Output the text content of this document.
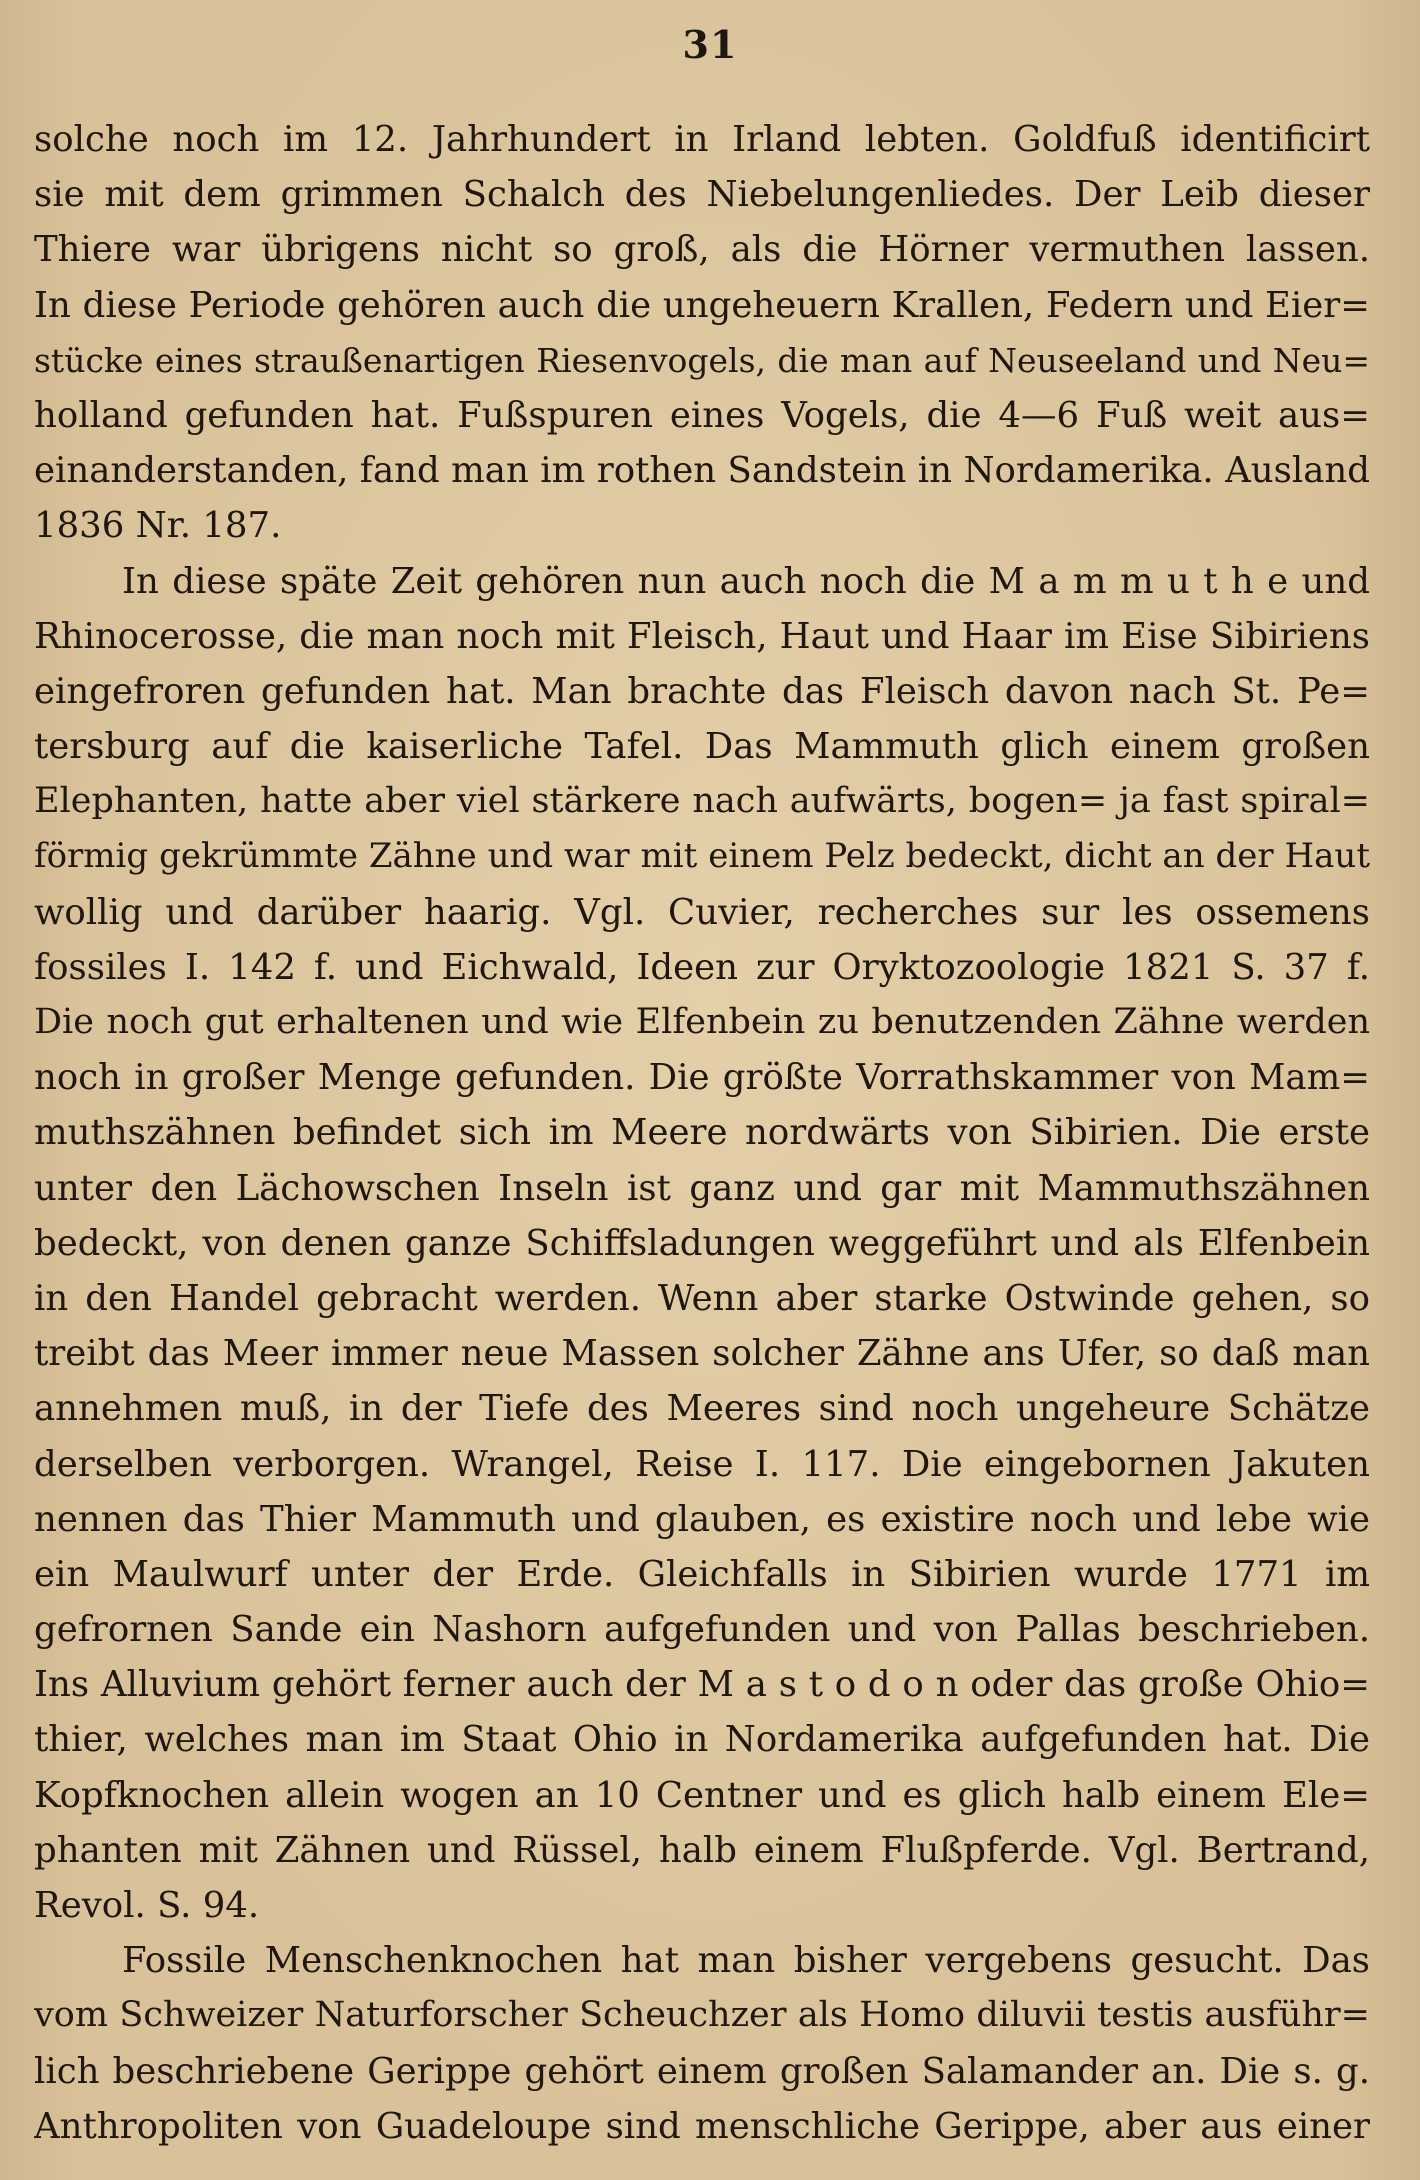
31
solche noch im 12. Jahrhundert in Irland lebten. Goldfuß identificirt
sie mit dem grimmen Schalch des Niebelungenliedes. Der Leib dieser
Thiere war übrigens nicht so groß, als die Hörner vermuthen lassen.
In diese Periode gehören auch die ungeheuern Krallen, Federn und Eier=
stücke eines straußenartigen Riesenvogels, die man auf Neuseeland und Neu=
holland gefunden hat. Fußspuren eines Vogels, die 4—6 Fuß weit aus=
einanderstanden, fand man im rothen Sandstein in Nordamerika. Ausland
1836 Nr. 187.
In diese späte Zeit gehören nun auch noch die M a m m u t h e und
Rhinocerosse, die man noch mit Fleisch, Haut und Haar im Eise Sibiriens
eingefroren gefunden hat. Man brachte das Fleisch davon nach St. Pe=
tersburg auf die kaiserliche Tafel. Das Mammuth glich einem großen
Elephanten, hatte aber viel stärkere nach aufwärts, bogen= ja fast spiral=
förmig gekrümmte Zähne und war mit einem Pelz bedeckt, dicht an der Haut
wollig und darüber haarig. Vgl. Cuvier, recherches sur les ossemens
fossiles I. 142 f. und Eichwald, Ideen zur Oryktozoologie 1821 S. 37 f.
Die noch gut erhaltenen und wie Elfenbein zu benutzenden Zähne werden
noch in großer Menge gefunden. Die größte Vorrathskammer von Mam=
muthszähnen befindet sich im Meere nordwärts von Sibirien. Die erste
unter den Lächowschen Inseln ist ganz und gar mit Mammuthszähnen
bedeckt, von denen ganze Schiffsladungen weggeführt und als Elfenbein
in den Handel gebracht werden. Wenn aber starke Ostwinde gehen, so
treibt das Meer immer neue Massen solcher Zähne ans Ufer, so daß man
annehmen muß, in der Tiefe des Meeres sind noch ungeheure Schätze
derselben verborgen. Wrangel, Reise I. 117. Die eingebornen Jakuten
nennen das Thier Mammuth und glauben, es existire noch und lebe wie
ein Maulwurf unter der Erde. Gleichfalls in Sibirien wurde 1771 im
gefrornen Sande ein Nashorn aufgefunden und von Pallas beschrieben.
Ins Alluvium gehört ferner auch der M a s t o d o n oder das große Ohio=
thier, welches man im Staat Ohio in Nordamerika aufgefunden hat. Die
Kopfknochen allein wogen an 10 Centner und es glich halb einem Ele=
phanten mit Zähnen und Rüssel, halb einem Flußpferde. Vgl. Bertrand,
Revol. S. 94.
Fossile Menschenknochen hat man bisher vergebens gesucht. Das
vom Schweizer Naturforscher Scheuchzer als Homo diluvii testis ausführ=
lich beschriebene Gerippe gehört einem großen Salamander an. Die s. g.
Anthropoliten von Guadeloupe sind menschliche Gerippe, aber aus einer
